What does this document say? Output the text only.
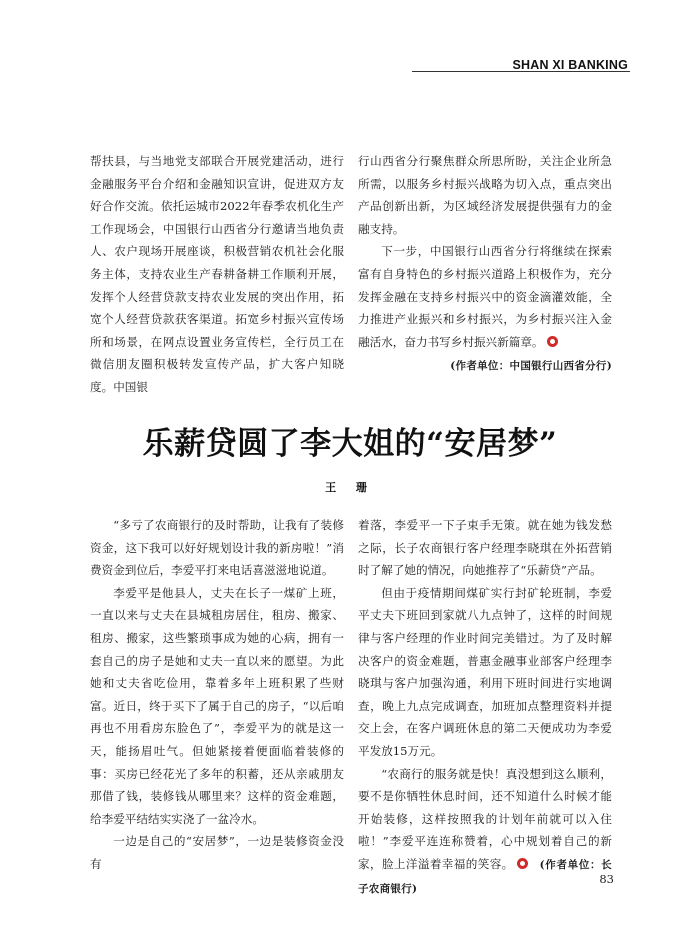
SHAN XI BANKING

帮扶县，与当地党支部联合开展党建活动，进行金融服务平台介绍和金融知识宣讲，促进双方友好合作交流。依托运城市2022年春季农机化生产工作现场会，中国银行山西省分行邀请当地负责人、农户现场开展座谈，积极营销农机社会化服务主体，支持农业生产春耕备耕工作顺利开展，发挥个人经营贷款支持农业发展的突出作用，拓宽个人经营贷款获客渠道。拓宽乡村振兴宣传场所和场景，在网点设置业务宣传栏，全行员工在微信朋友圈积极转发宣传产品，扩大客户知晓度。中国银

行山西省分行聚焦群众所思所盼，关注企业所急所需，以服务乡村振兴战略为切入点，重点突出产品创新出新，为区域经济发展提供强有力的金融支持。

下一步，中国银行山西省分行将继续在探索富有自身特色的乡村振兴道路上积极作为，充分发挥金融在支持乡村振兴中的资金滴灌效能，全力推进产业振兴和乡村振兴，为乡村振兴注入金融活水，奋力书写乡村振兴新篇章。

(作者单位：中国银行山西省分行)
乐薪贷圆了李大姐的“安居梦”
王 珊

“多亏了农商银行的及时帮助，让我有了装修资金，这下我可以好好规划设计我的新房啦！”消费资金到位后，李爱平打来电话喜滋滋地说道。

李爱平是他县人，丈夫在长子一煤矿上班，一直以来与丈夫在县城租房居住，租房、搬家、租房、搬家，这些繁琐事成为她的心病，拥有一套自己的房子是她和丈夫一直以来的愿望。为此她和丈夫省吃俭用，靠着多年上班积累了些财富。近日，终于买下了属于自己的房子，“以后咱再也不用看房东脸色了”，李爱平为的就是这一天，能扬眉吐气。但她紧接着便面临着装修的事：买房已经花光了多年的积蓄，还从亲戚朋友那借了钱，装修钱从哪里来？这样的资金难题，给李爱平结结实实浇了一盆冷水。

一边是自己的“安居梦”，一边是装修资金没有

着落，李爱平一下子束手无策。就在她为钱发愁之际，长子农商银行客户经理李晓琪在外拓营销时了解了她的情况，向她推荐了“乐薪贷”产品。

但由于疫情期间煤矿实行封矿轮班制，李爱平丈夫下班回到家就八九点钟了，这样的时间规律与客户经理的作业时间完美错过。为了及时解决客户的资金难题，普惠金融事业部客户经理李晓琪与客户加强沟通，利用下班时间进行实地调查，晚上九点完成调查，加班加点整理资料并提交上会，在客户调班休息的第二天便成功为李爱平发放15万元。

“农商行的服务就是快！真没想到这么顺利，要不是你牺牲休息时间，还不知道什么时候才能开始装修，这样按照我的计划年前就可以入住啦！”李爱平连连称赞着，心中规划着自己的新家，脸上洋溢着幸福的笑容。 (作者单位：长子农商银行)

83
